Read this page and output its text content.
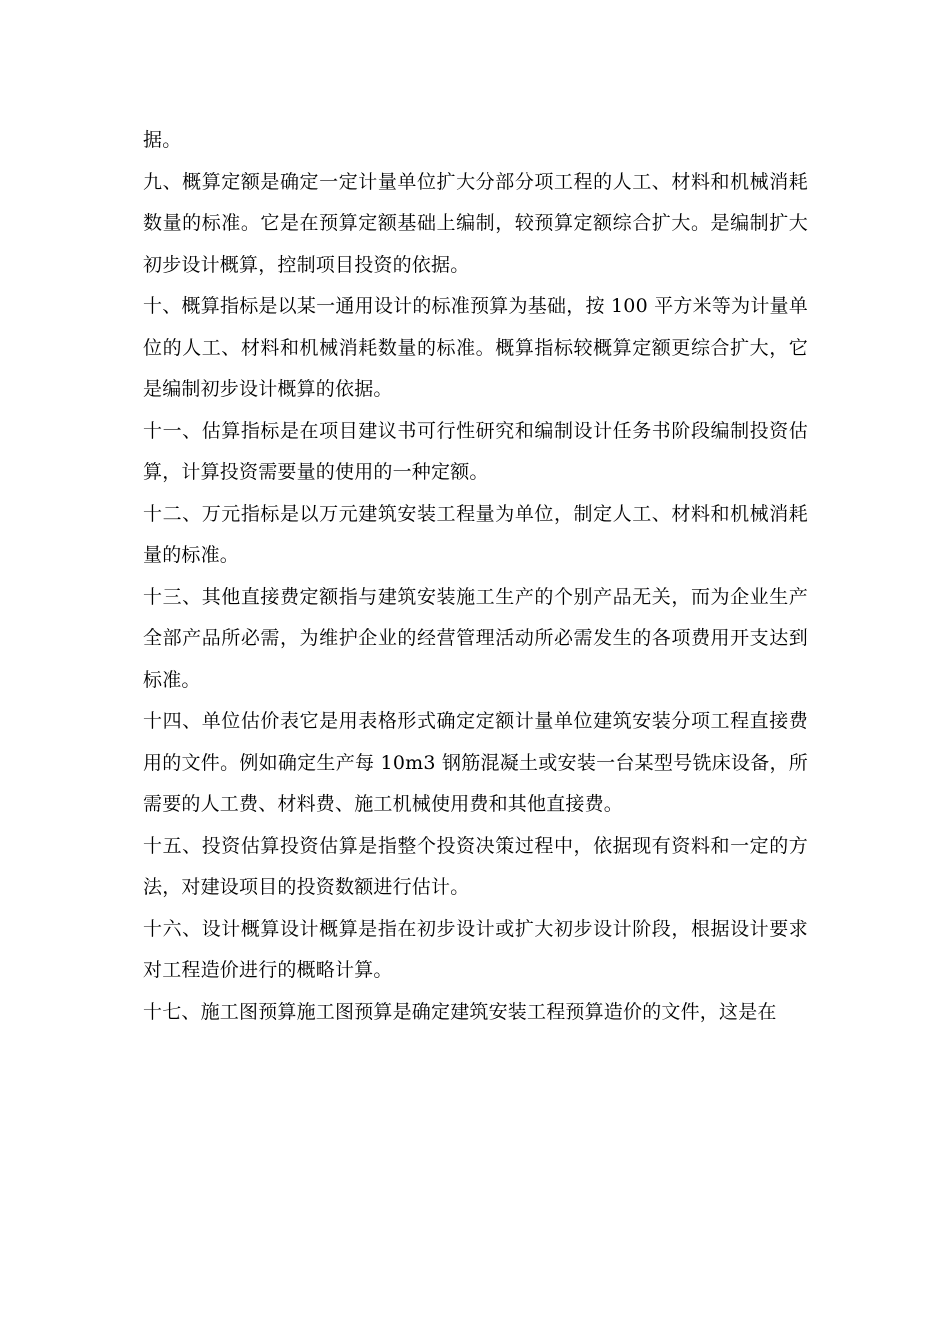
据。

九、概算定额是确定一定计量单位扩大分部分项工程的人工、材料和机械消耗数量的标准。它是在预算定额基础上编制，较预算定额综合扩大。是编制扩大初步设计概算，控制项目投资的依据。

十、概算指标是以某一通用设计的标准预算为基础，按 100 平方米等为计量单位的人工、材料和机械消耗数量的标准。概算指标较概算定额更综合扩大，它是编制初步设计概算的依据。

十一、估算指标是在项目建议书可行性研究和编制设计任务书阶段编制投资估算，计算投资需要量的使用的一种定额。

十二、万元指标是以万元建筑安装工程量为单位，制定人工、材料和机械消耗量的标准。

十三、其他直接费定额指与建筑安装施工生产的个别产品无关，而为企业生产全部产品所必需，为维护企业的经营管理活动所必需发生的各项费用开支达到标准。

十四、单位估价表它是用表格形式确定定额计量单位建筑安装分项工程直接费用的文件。例如确定生产每 10m3 钢筋混凝土或安装一台某型号铣床设备，所需要的人工费、材料费、施工机械使用费和其他直接费。

十五、投资估算投资估算是指整个投资决策过程中，依据现有资料和一定的方法，对建设项目的投资数额进行估计。

十六、设计概算设计概算是指在初步设计或扩大初步设计阶段，根据设计要求对工程造价进行的概略计算。

十七、施工图预算施工图预算是确定建筑安装工程预算造价的文件，这是在
